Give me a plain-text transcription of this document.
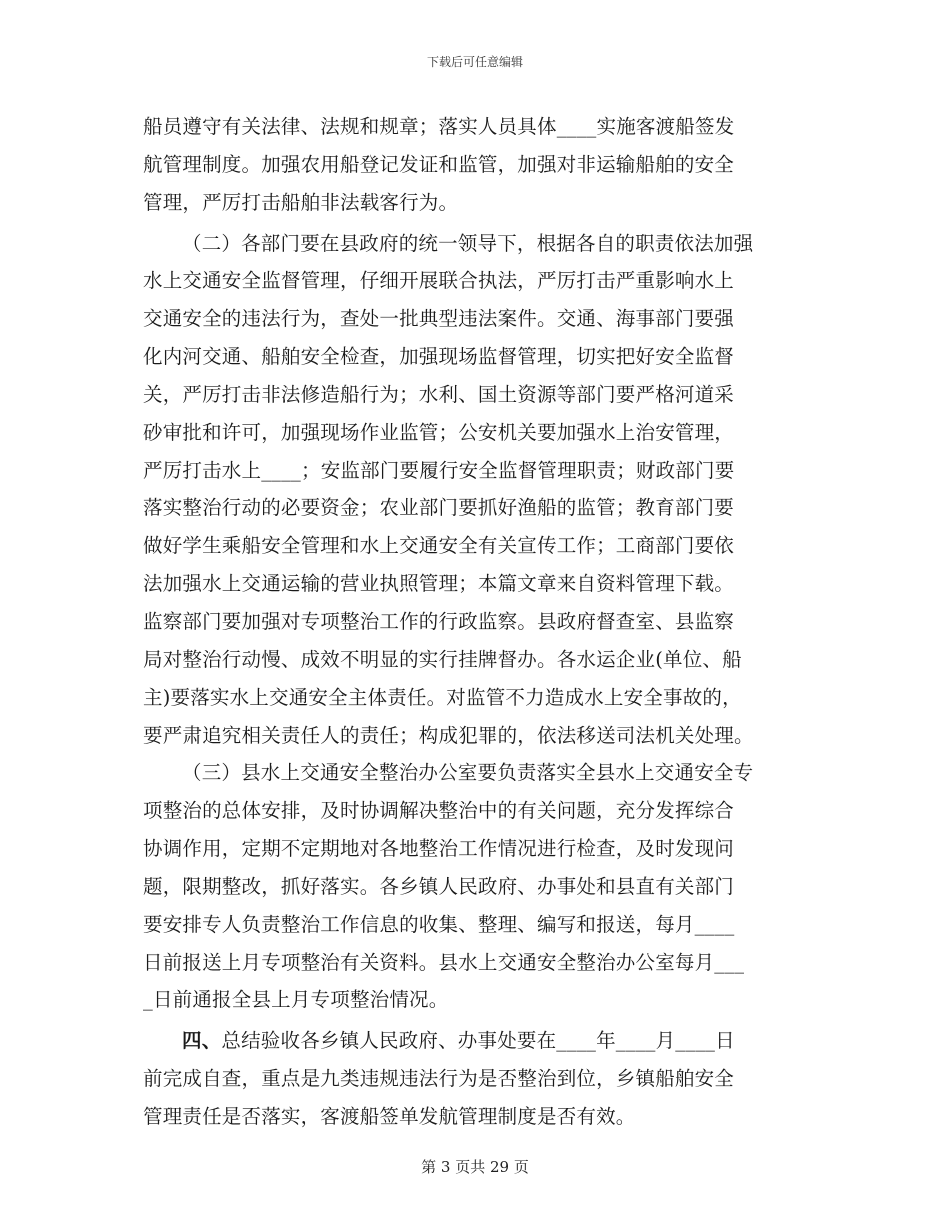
下载后可任意编辑
船员遵守有关法律、法规和规章；落实人员具体____实施客渡船签发
航管理制度。加强农用船登记发证和监管，加强对非运输船舶的安全
管理，严厉打击船舶非法载客行为。
（二）各部门要在县政府的统一领导下，根据各自的职责依法加强
水上交通安全监督管理，仔细开展联合执法，严厉打击严重影响水上
交通安全的违法行为，查处一批典型违法案件。交通、海事部门要强
化内河交通、船舶安全检查，加强现场监督管理，切实把好安全监督
关，严厉打击非法修造船行为；水利、国土资源等部门要严格河道采
砂审批和许可，加强现场作业监管；公安机关要加强水上治安管理，
严厉打击水上____；安监部门要履行安全监督管理职责；财政部门要
落实整治行动的必要资金；农业部门要抓好渔船的监管；教育部门要
做好学生乘船安全管理和水上交通安全有关宣传工作；工商部门要依
法加强水上交通运输的营业执照管理；本篇文章来自资料管理下载。
监察部门要加强对专项整治工作的行政监察。县政府督查室、县监察
局对整治行动慢、成效不明显的实行挂牌督办。各水运企业(单位、船
主)要落实水上交通安全主体责任。对监管不力造成水上安全事故的，
要严肃追究相关责任人的责任；构成犯罪的，依法移送司法机关处理。
（三）县水上交通安全整治办公室要负责落实全县水上交通安全专
项整治的总体安排，及时协调解决整治中的有关问题，充分发挥综合
协调作用，定期不定期地对各地整治工作情况进行检查，及时发现问
题，限期整改，抓好落实。各乡镇人民政府、办事处和县直有关部门
要安排专人负责整治工作信息的收集、整理、编写和报送，每月____
日前报送上月专项整治有关资料。县水上交通安全整治办公室每月___
_日前通报全县上月专项整治情况。
四、总结验收各乡镇人民政府、办事处要在____年____月____日
前完成自查，重点是九类违规违法行为是否整治到位，乡镇船舶安全
管理责任是否落实，客渡船签单发航管理制度是否有效。
第 3 页共 29 页
